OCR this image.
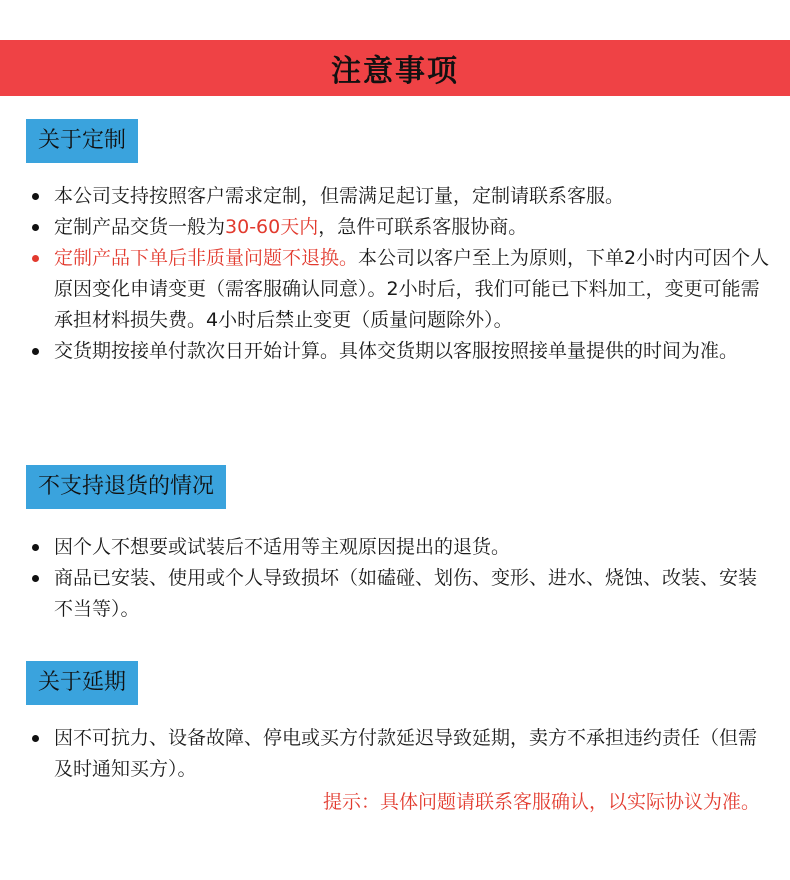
注意事项
关于定制
本公司支持按照客户需求定制，但需满足起订量，定制请联系客服。
定制产品交货一般为30-60天内，急件可联系客服协商。
定制产品下单后非质量问题不退换。本公司以客户至上为原则，下单2小时内可因个人原因变化申请变更（需客服确认同意）。2小时后，我们可能已下料加工，变更可能需承担材料损失费。4小时后禁止变更（质量问题除外）。
交货期按接单付款次日开始计算。具体交货期以客服按照接单量提供的时间为准。
不支持退货的情况
因个人不想要或试装后不适用等主观原因提出的退货。
商品已安装、使用或个人导致损坏（如磕碰、划伤、变形、进水、烧蚀、改装、安装不当等）。
关于延期
因不可抗力、设备故障、停电或买方付款延迟导致延期，卖方不承担违约责任（但需及时通知买方）。
提示：具体问题请联系客服确认，以实际协议为准。
